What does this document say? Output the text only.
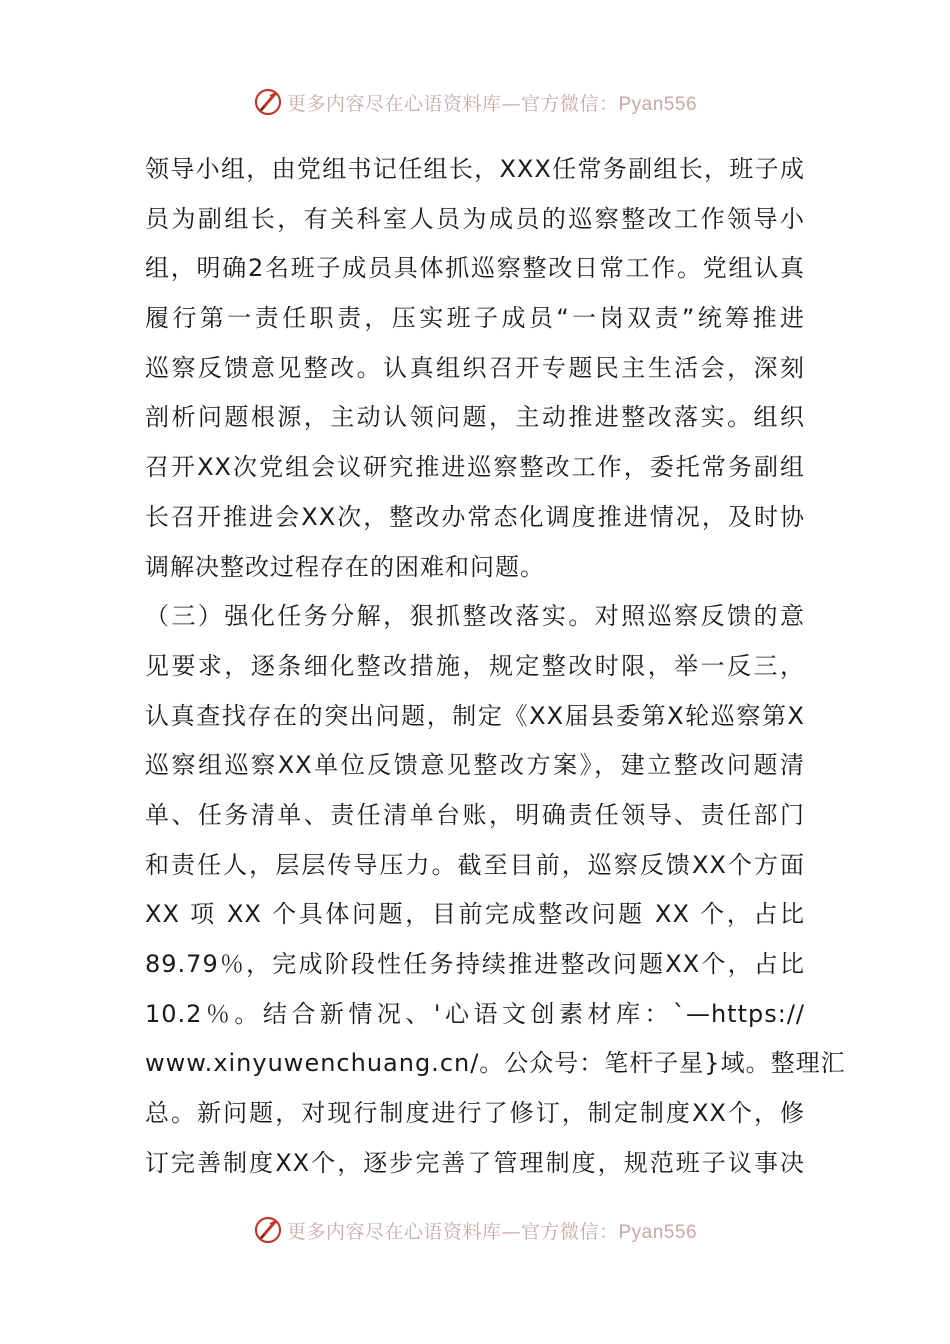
更多内容尽在心语资料库—官方微信：Pyan556
领导小组，由党组书记任组长，XXX任常务副组长，班子成
员为副组长，有关科室人员为成员的巡察整改工作领导小
组，明确2名班子成员具体抓巡察整改日常工作。党组认真
履行第一责任职责，压实班子成员“一岗双责”统筹推进
巡察反馈意见整改。认真组织召开专题民主生活会，深刻
剖析问题根源，主动认领问题，主动推进整改落实。组织
召开XX次党组会议研究推进巡察整改工作，委托常务副组
长召开推进会XX次，整改办常态化调度推进情况，及时协
调解决整改过程存在的困难和问题。
（三）强化任务分解，狠抓整改落实。对照巡察反馈的意
见要求，逐条细化整改措施，规定整改时限，举一反三，
认真查找存在的突出问题，制定《XX届县委第X轮巡察第X
巡察组巡察XX单位反馈意见整改方案》，建立整改问题清
单、任务清单、责任清单台账，明确责任领导、责任部门
和责任人，层层传导压力。截至目前，巡察反馈XX个方面
XX 项 XX 个具体问题，目前完成整改问题 XX 个，占比
89.79％，完成阶段性任务持续推进整改问题XX个，占比
10.2％。结合新情况、'心语文创素材库：`—https://
www.xinyuwenchuang.cn/。公众号：笔杆子星}域。整理汇
总。新问题，对现行制度进行了修订，制定制度XX个，修
订完善制度XX个，逐步完善了管理制度，规范班子议事决
更多内容尽在心语资料库—官方微信：Pyan556
